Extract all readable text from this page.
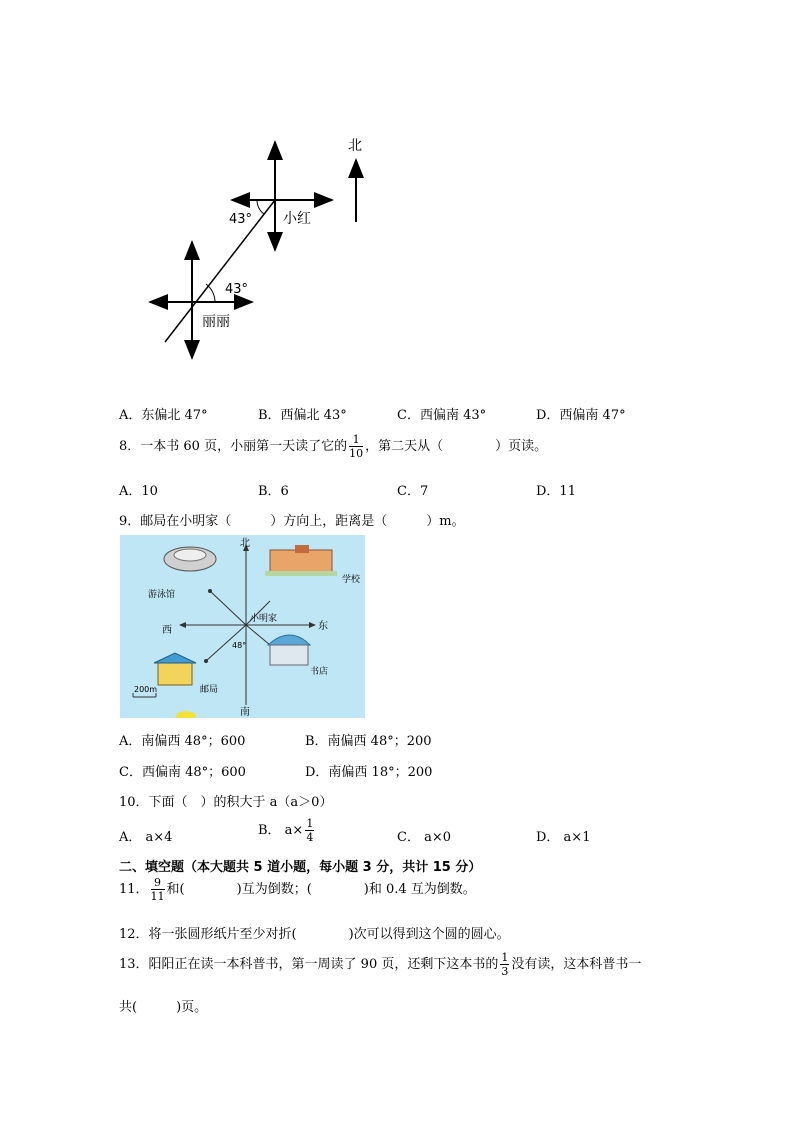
北
43° 小红
43°
丽丽
A．东偏北 47°	B．西偏北 43°	C．西偏南 43°	D．西偏南 47°
8．一本书 60 页，小丽第一天读了它的 $\frac{1}{10}$ ，第二天从（　　　　）页读。
A．10	B．6	C．7	D．11
9．邮局在小明家（　　　）方向上，距离是（　　　）m。
北
南
东
西
游泳馆
学校
小明家
书店
邮局
48°
200m
A．南偏西 48°；600	B．南偏西 48°；200
C．西偏南 48°；600	D．南偏西 18°；200
10．下面（　）的积大于 a（a＞0）
A． a×4	B． $a\times \frac{1}{4}$	C． a×0	D． a×1
二、填空题（本大题共 5 道小题，每小题 3 分，共计 15 分）
11． $\frac{9}{11}$ 和(　　　　)互为倒数；(　　　　)和 0.4 互为倒数。
12．将一张圆形纸片至少对折(　　　　)次可以得到这个圆的圆心。
13．阳阳正在读一本科普书，第一周读了 90 页，还剩下这本书的 $\frac{1}{3}$ 没有读，这本科普书一
共(　　　)页。
